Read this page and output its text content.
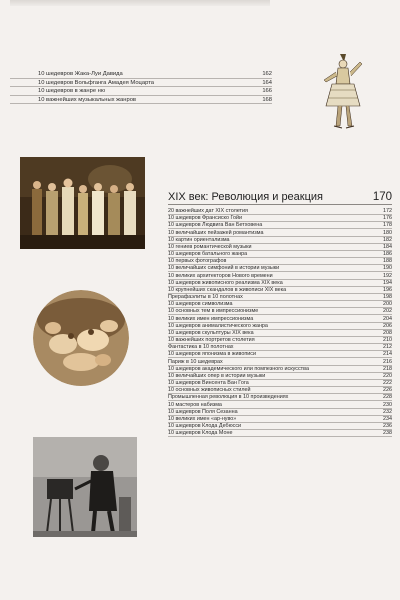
10 шедевров Жака-Луи Давида	162
10 шедевров Вольфганга Амадея Моцарта	164
10 шедевров в жанре ню	166
10 важнейших музыкальных жанров	168
XIX век: Революция и реакция	170
20 важнейших дат XIX столетия	172
10 шедевров Франсиско Гойи	176
10 шедевров Людвига Ван Бетховена	178
10 величайших пейзажей романтизма	180
10 картин ориентализма	182
10 гениев романтической музыки	184
10 шедевров батального жанра	186
10 первых фотографов	188
10 величайших симфоний в истории музыки	190
10 великих архитекторов Нового времени	192
10 шедевров живописного реализма XIX века	194
10 крупнейших скандалов в живописи XIX века	196
Прерафаэлиты в 10 полотнах	198
10 шедевров символизма	200
10 основных тем в импрессионизме	202
10 великих имен импрессионизма	204
10 шедевров анималистического жанра	206
10 шедевров скульптуры XIX века	208
10 важнейших портретов столетия	210
Фантастика в 10 полотнах	212
10 шедевров японизма в живописи	214
Париж в 10 шедеврах	216
10 шедевров академического или помпезного искусства	218
10 величайших опер в истории музыки	220
10 шедевров Винсента Ван Гога	222
10 основных живописных стилей	226
Промышленная революция в 10 произведениях	228
10 мастеров набизма	230
10 шедевров Поля Сезанна	232
10 великих имен «ар-нуво»	234
10 шедевров Клода Дебюсси	236
10 шедевров Клода Моне	238
